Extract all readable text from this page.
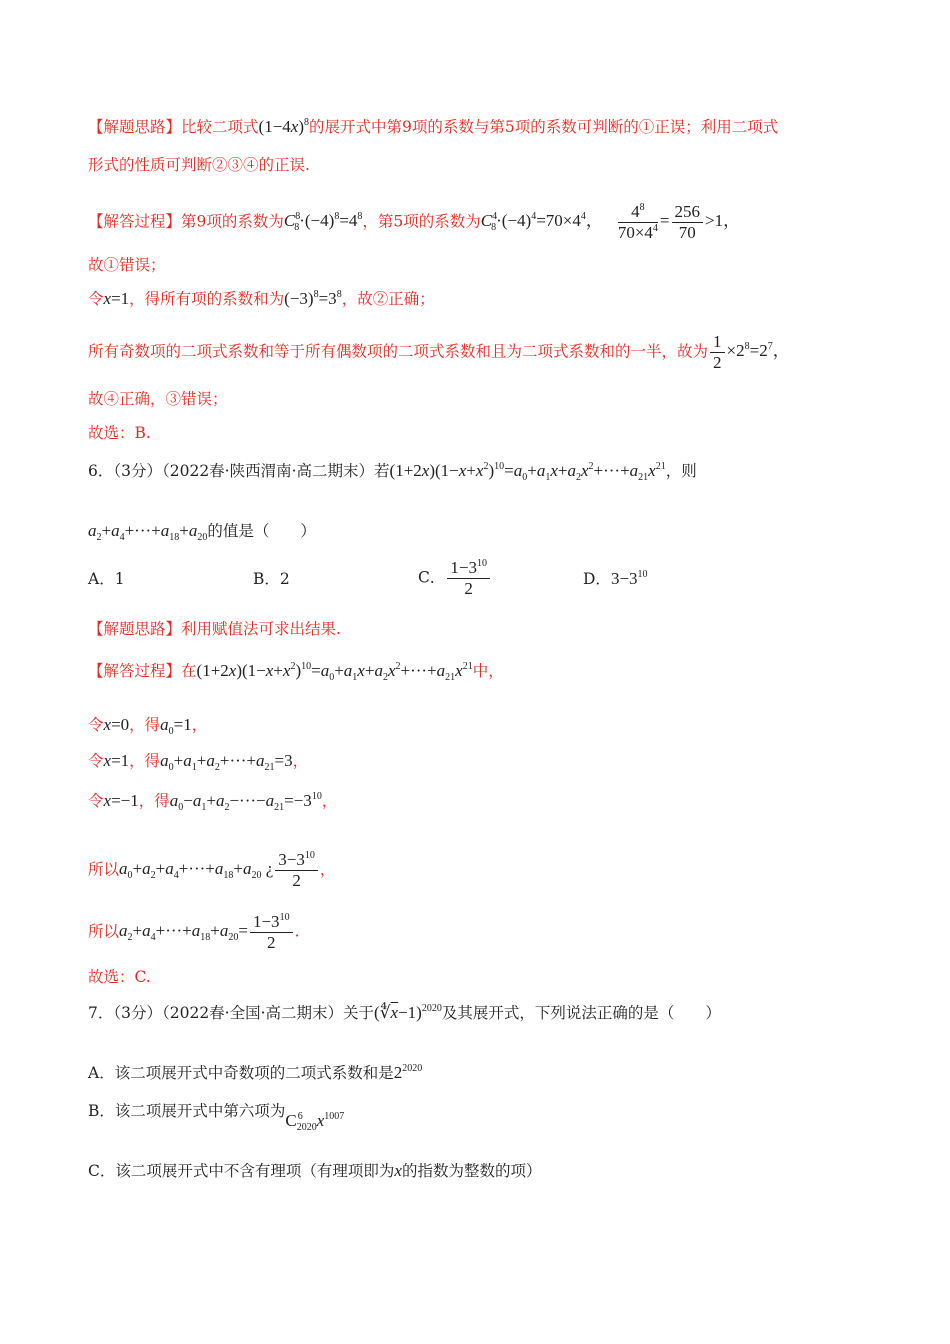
【解题思路】比较二项式$(1-4x)^8$的展开式中第9项的系数与第5项的系数可判断的①正误；利用二项式
形式的性质可判断②③④的正误.
【解答过程】第9项的系数为$C^8_8\cdot(-4)^8=4^8$，第5项的系数为$C^4_8\cdot(-4)^4=70\times 4^4$， $\frac{4^8}{70\times 4^4} = \frac{256}{70} >1$，
故①错误；
令x=1，得所有项的系数和为$(-3)^8=3^8$，故②正确；
所有奇数项的二项式系数和等于所有偶数项的二项式系数和且为二项式系数和的一半，故为 $\frac{1}{2} \times 2^8=2^7$，
故④正确，③错误；
故选：B.
6．（3分）（2022春·陕西渭南·高二期末）若$(1+2x)(1-x+x^2)^{10}=a_0+a_1x+a_2x^2+\cdot\cdot\cdot+a_{21}x^{21}$，则
$a_2+a_4+\cdot\cdot\cdot+a_{18}+a_{20}$的值是（　　）
A．1	B．2	C． $\frac{1-3^{10}}{2}$	D．$3-3^{10}$
【解题思路】利用赋值法可求出结果.
【解答过程】在$(1+2x)(1-x+x^2)^{10}=a_0+a_1x+a_2x^2+\cdot\cdot\cdot+a_{21}x^{21}$中，
令x=0，得$a_0=1$，
令x=1，得$a_0+a_1+a_2+\cdot\cdot\cdot+a_{21}=3$，
令x=−1，得$a_0-a_1+a_2-\cdot\cdot\cdot-a_{21}=-3^{10}$，
所以$a_0+a_2+a_4+\cdot\cdot\cdot+a_{18}+a_{20}$ ¿ $\frac{3-3^{10}}{2}$ ，
所以$a_2+a_4+\cdot\cdot\cdot+a_{18}+a_{20}= \frac{1-3^{10}}{2}$ .
故选：C.
7．（3分）（2022春·全国·高二期末）关于$(∜\overline{x}-1)^{2020}$及其展开式，下列说法正确的是（　　）
A．该二项展开式中奇数项的二项式系数和是$2^{2020}$
B．该二项展开式中第六项为$C^6_{2020}x^{1007}$
C．该二项展开式中不含有理项（有理项即为x的指数为整数的项）
